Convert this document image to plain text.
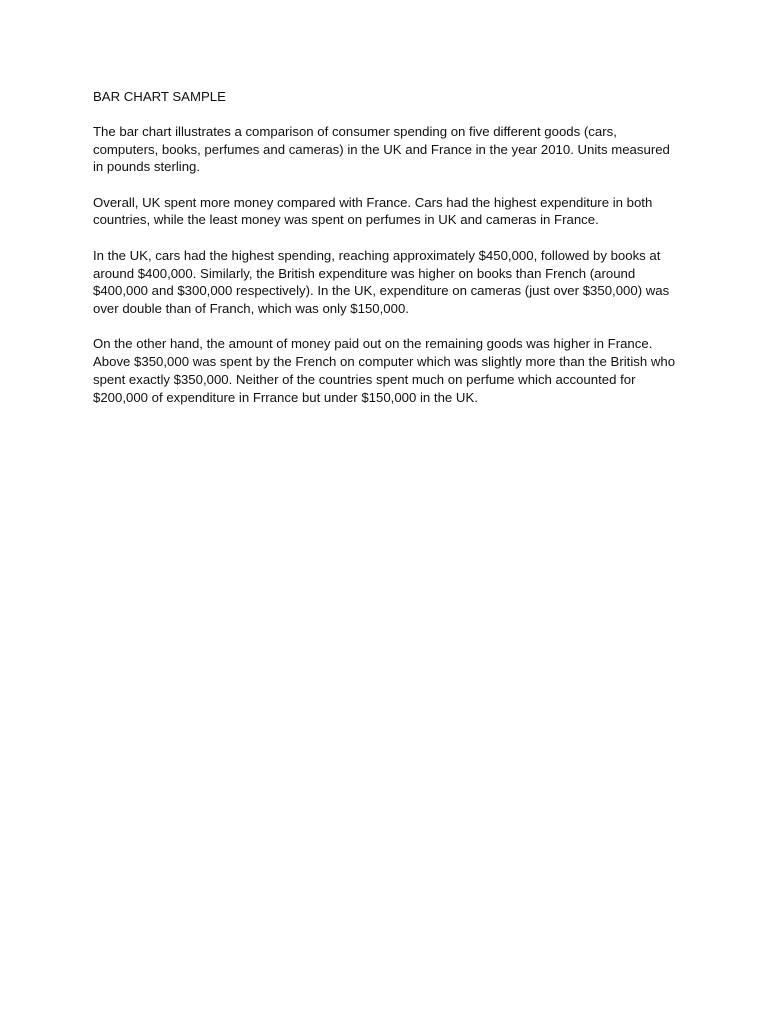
BAR CHART SAMPLE

The bar chart illustrates a comparison of consumer spending on five different goods (cars, computers, books, perfumes and cameras) in the UK and France in the year 2010. Units measured in pounds sterling.

Overall, UK spent more money compared with France. Cars had the highest expenditure in both countries, while the least money was spent on perfumes in UK and cameras in France.

In the UK, cars had the highest spending, reaching approximately $450,000, followed by books at around $400,000. Similarly, the British expenditure was higher on books than French (around $400,000 and $300,000 respectively). In the UK, expenditure on cameras (just over $350,000) was over double than of Franch, which was only $150,000.

On the other hand, the amount of money paid out on the remaining goods was higher in France. Above $350,000 was spent by the French on computer which was slightly more than the British who spent exactly $350,000. Neither of the countries spent much on perfume which accounted for $200,000 of expenditure in Frrance but under $150,000 in the UK.
